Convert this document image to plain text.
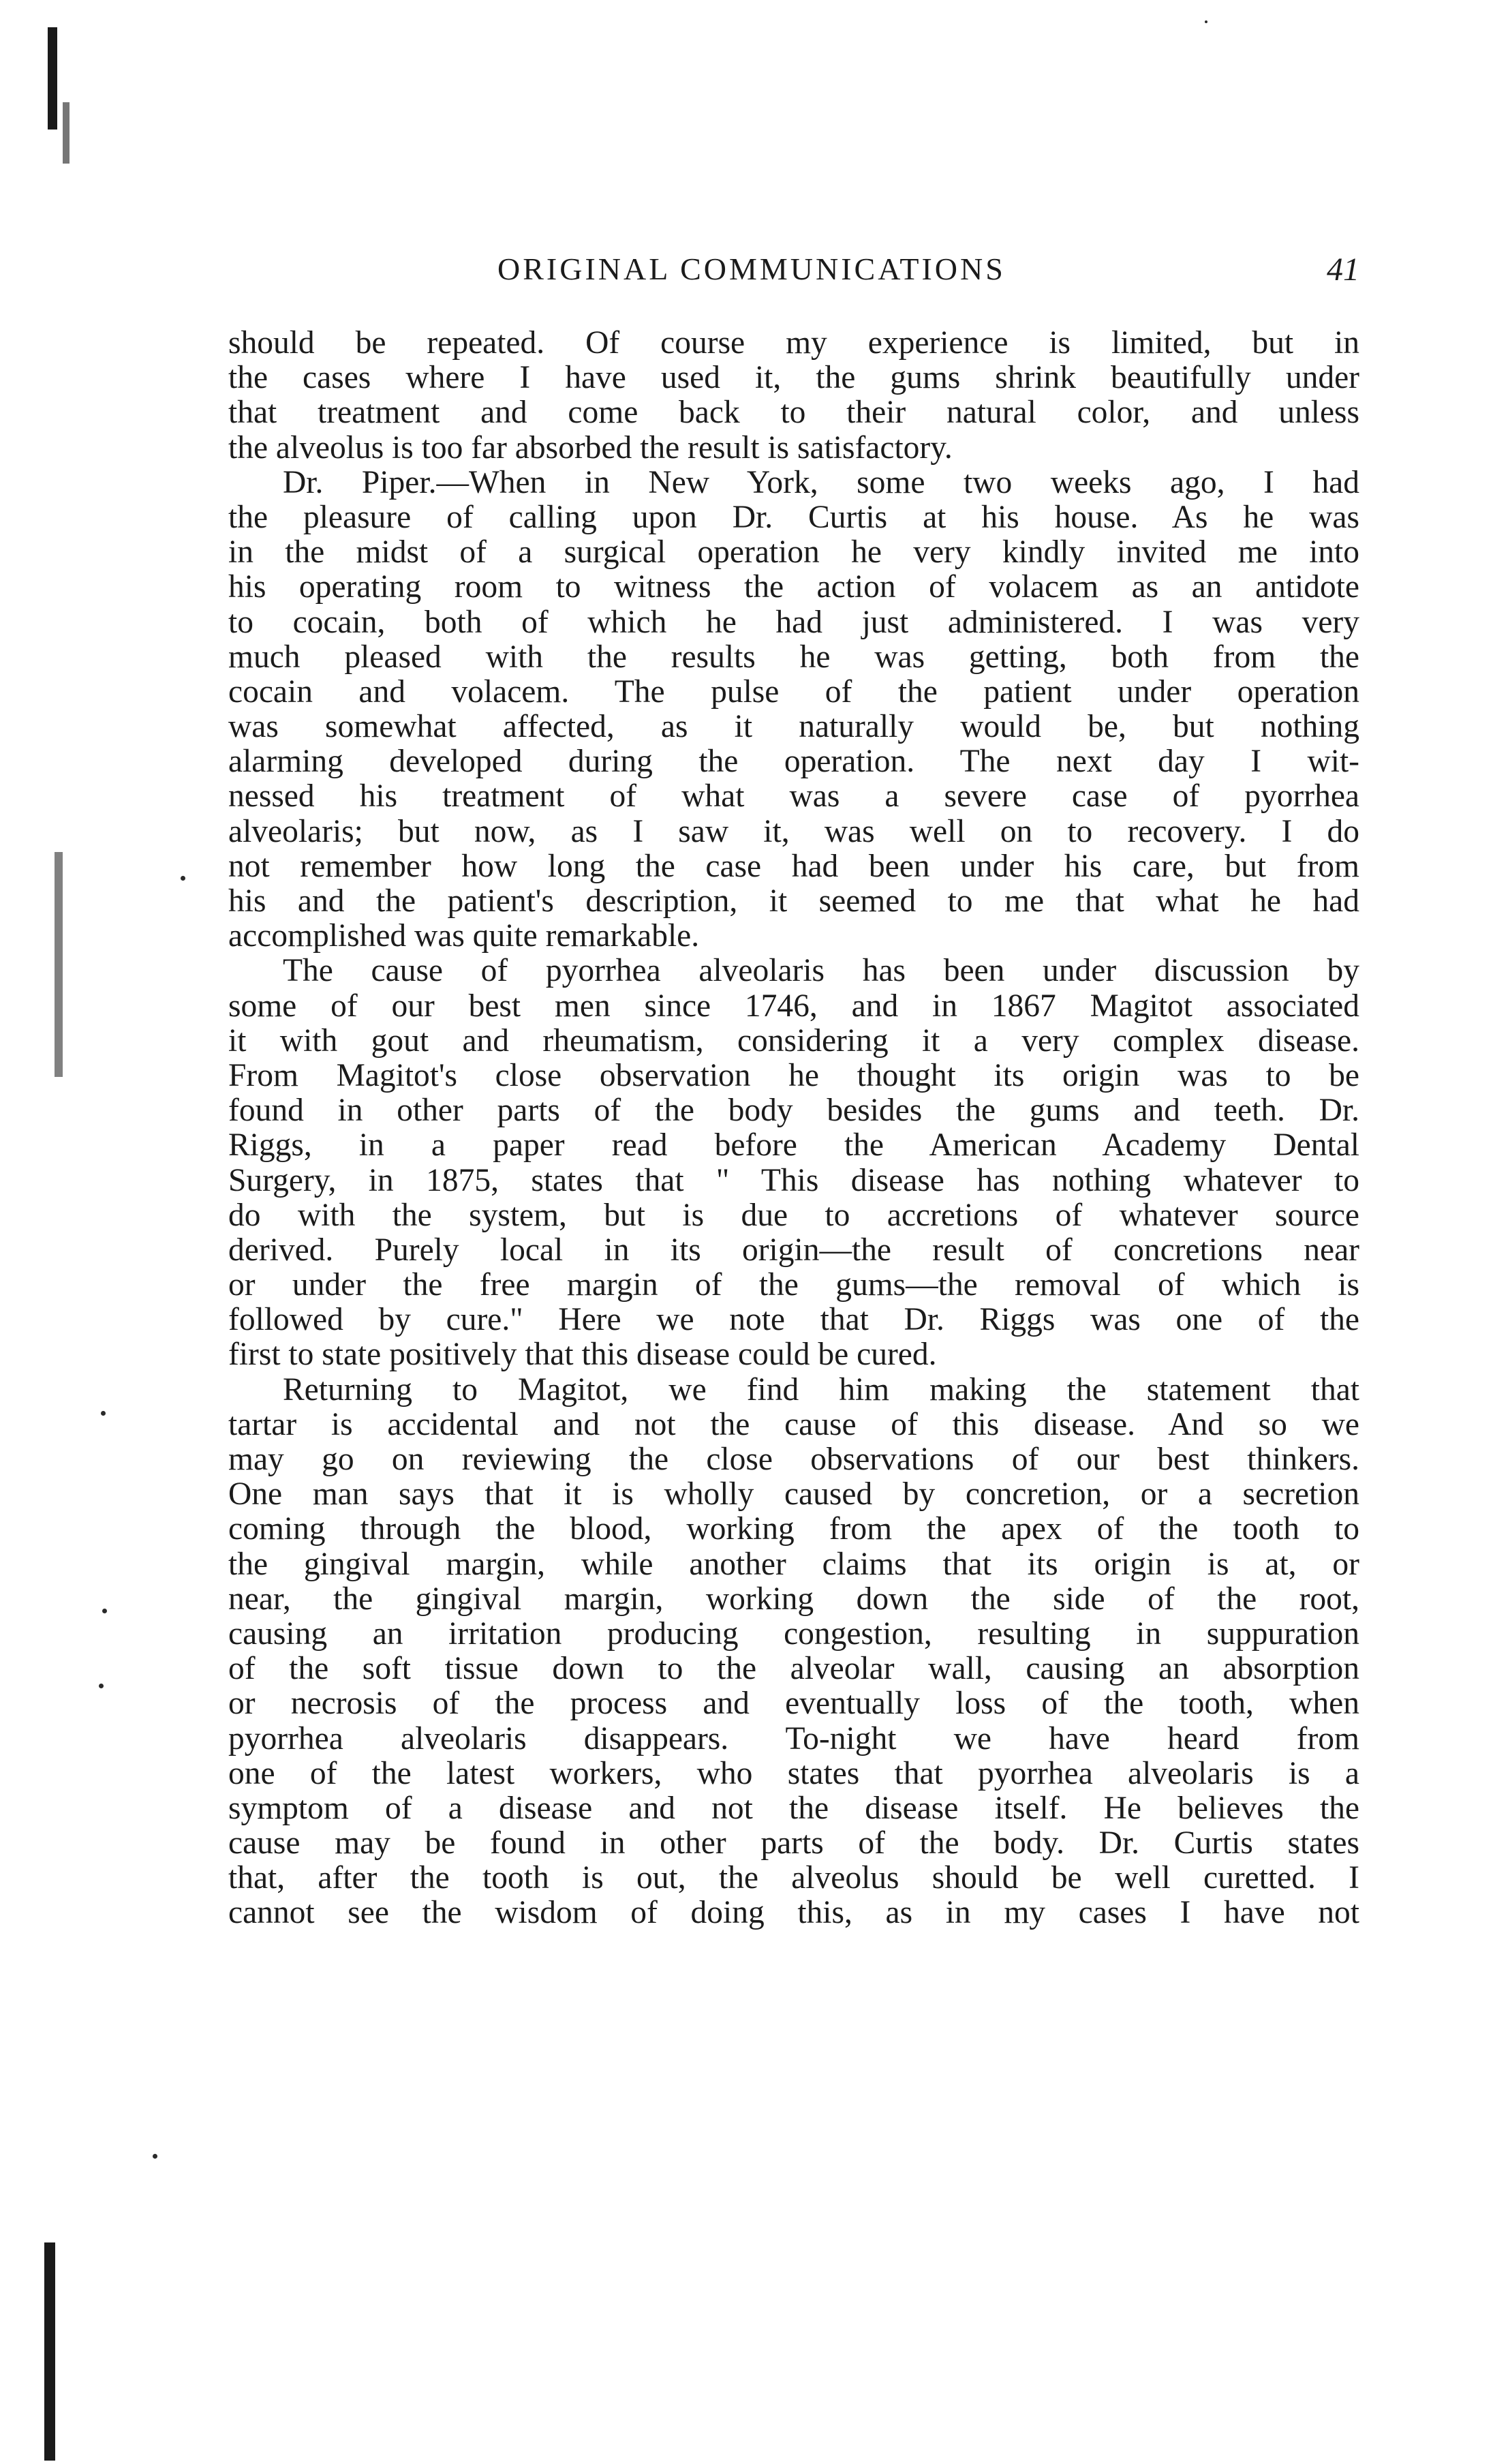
ORIGINAL COMMUNICATIONS	41
should be repeated. Of course my experience is limited, but in
the cases where I have used it, the gums shrink beautifully under
that treatment and come back to their natural color, and unless
the alveolus is too far absorbed the result is satisfactory.
Dr. Piper.—When in New York, some two weeks ago, I had
the pleasure of calling upon Dr. Curtis at his house. As he was
in the midst of a surgical operation he very kindly invited me into
his operating room to witness the action of volacem as an antidote
to cocain, both of which he had just administered. I was very
much pleased with the results he was getting, both from the
cocain and volacem. The pulse of the patient under operation
was somewhat affected, as it naturally would be, but nothing
alarming developed during the operation. The next day I wit-
nessed his treatment of what was a severe case of pyorrhea
alveolaris; but now, as I saw it, was well on to recovery. I do
not remember how long the case had been under his care, but from
his and the patient's description, it seemed to me that what he had
accomplished was quite remarkable.
The cause of pyorrhea alveolaris has been under discussion by
some of our best men since 1746, and in 1867 Magitot associated
it with gout and rheumatism, considering it a very complex disease.
From Magitot's close observation he thought its origin was to be
found in other parts of the body besides the gums and teeth. Dr.
Riggs, in a paper read before the American Academy Dental
Surgery, in 1875, states that " This disease has nothing whatever to
do with the system, but is due to accretions of whatever source
derived. Purely local in its origin—the result of concretions near
or under the free margin of the gums—the removal of which is
followed by cure." Here we note that Dr. Riggs was one of the
first to state positively that this disease could be cured.
Returning to Magitot, we find him making the statement that
tartar is accidental and not the cause of this disease. And so we
may go on reviewing the close observations of our best thinkers.
One man says that it is wholly caused by concretion, or a secretion
coming through the blood, working from the apex of the tooth to
the gingival margin, while another claims that its origin is at, or
near, the gingival margin, working down the side of the root,
causing an irritation producing congestion, resulting in suppuration
of the soft tissue down to the alveolar wall, causing an absorption
or necrosis of the process and eventually loss of the tooth, when
pyorrhea alveolaris disappears. To-night we have heard from
one of the latest workers, who states that pyorrhea alveolaris is a
symptom of a disease and not the disease itself. He believes the
cause may be found in other parts of the body. Dr. Curtis states
that, after the tooth is out, the alveolus should be well curetted. I
cannot see the wisdom of doing this, as in my cases I have not
